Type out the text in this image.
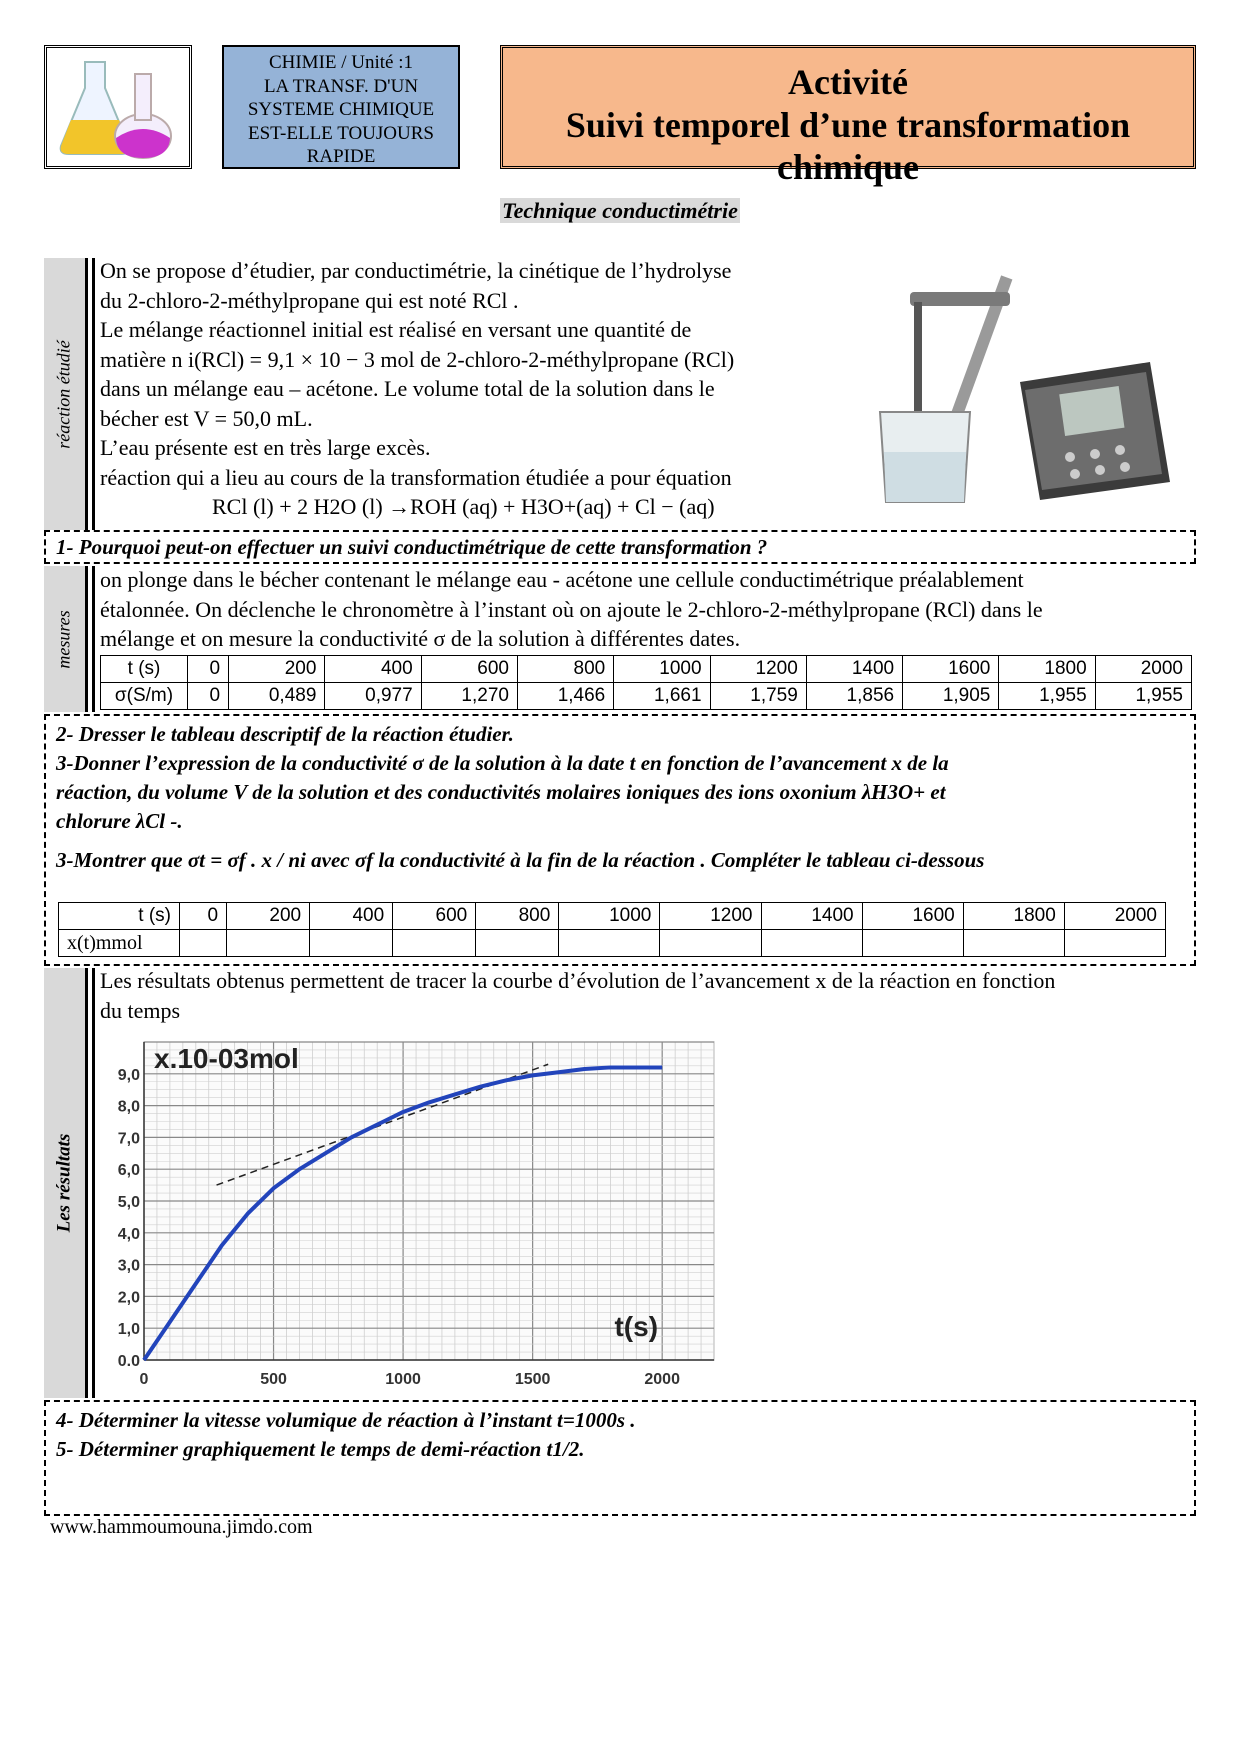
CHIMIE / Unité :1
LA TRANSF. D'UN
SYSTEME CHIMIQUE
EST-ELLE TOUJOURS
RAPIDE
Activité
Suivi temporel d’une transformation chimique
Technique conductimétrie
réaction étudié
On se propose d’étudier, par conductimétrie, la cinétique de l’hydrolyse
du 2-chloro-2-méthylpropane qui est noté RCl .
Le mélange réactionnel initial est réalisé en versant une quantité de
matière n i(RCl) = 9,1 × 10 − 3 mol de 2-chloro-2-méthylpropane (RCl)
dans un mélange eau – acétone. Le volume total de la solution dans le
bécher est V = 50,0 mL.
L’eau présente est en très large excès.
réaction qui a lieu au cours de la transformation étudiée a pour équation
RCl (l) + 2 H2O (l) →ROH (aq) + H3O+(aq) + Cl − (aq)
1- Pourquoi peut-on effectuer un suivi conductimétrique de cette transformation ?
mesures
on plonge dans le bécher contenant le mélange eau - acétone une cellule conductimétrique préalablement
étalonnée. On déclenche le chronomètre à l’instant où on ajoute le 2-chloro-2-méthylpropane (RCl) dans le
mélange et on mesure la conductivité σ de la solution à différentes dates.
t (s)	0	200	400	600	800	1000	1200	1400	1600	1800	2000
σ(S/m)	0	0,489	0,977	1,270	1,466	1,661	1,759	1,856	1,905	1,955	1,955
2- Dresser le tableau descriptif de la réaction étudier.
3-Donner l’expression de la conductivité σ de la solution à la date t en fonction de l’avancement x de la
réaction, du volume V de la solution et des conductivités molaires ioniques des ions oxonium λH3O+ et
chlorure λCl -.
3-Montrer que σt = σf . x / ni avec σf la conductivité à la fin de la réaction . Compléter le tableau ci-dessous
t (s)	0	200	400	600	800	1000	1200	1400	1600	1800	2000
x(t)mmol											
Les résultats
Les résultats obtenus permettent de tracer la courbe d’évolution de l’avancement x de la réaction en fonction
du temps
0.0
1,0
2,0
3,0
4,0
5,0
6,0
7,0
8,0
9,0
0	500	1000	1500	2000
x.10-03mol
t(s)
4- Déterminer la vitesse volumique de réaction à l’instant t=1000s .
5- Déterminer graphiquement le temps de demi-réaction t1/2.
www.hammoumouna.jimdo.com
